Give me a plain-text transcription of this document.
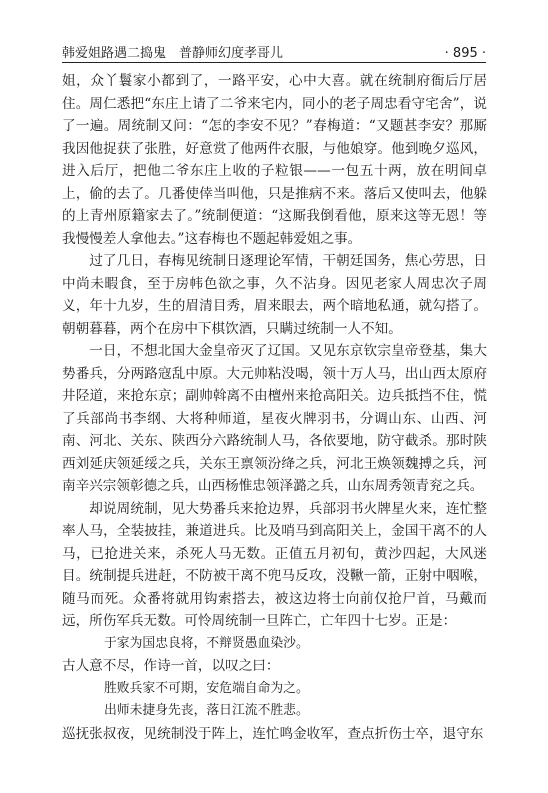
韩爱姐路遇二捣鬼　普静师幻度孝哥儿	· 895 ·

姐，众丫鬟家小都到了，一路平安，心中大喜。就在统制府衙后厅居住。周仁悉把“东庄上请了二爷来宅内，同小的老子周忠看守宅舍”，说了一遍。周统制又问：“怎的李安不见？”春梅道：“又题甚李安？那厮我因他捉获了张胜，好意赏了他两件衣服，与他娘穿。他到晚夕巡风，进入后厅，把他二爷东庄上收的子粒银——一包五十两，放在明间卓上，偷的去了。几番使倖当叫他，只是推病不来。落后又使叫去，他躲的上青州原籍家去了。”统制便道：“这厮我倒看他，原来这等无恩！等我慢慢差人拿他去。”这春梅也不题起韩爱姐之事。

过了几日，春梅见统制日逐理论军情，干朝廷国务，焦心劳思，日中尚未暇食，至于房帏色欲之事，久不沾身。因见老家人周忠次子周义，年十九岁，生的眉清目秀，眉来眼去，两个暗地私通，就勾搭了。朝朝暮暮，两个在房中下棋饮酒，只瞒过统制一人不知。

一日，不想北国大金皇帝灭了辽国。又见东京钦宗皇帝登基，集大势番兵，分两路寇乱中原。大元帅粘没喝，领十万人马，出山西太原府井陉道，来抢东京；副帅斡离不由檀州来抢高阳关。边兵抵挡不住，慌了兵部尚书李纲、大将种师道，星夜火牌羽书，分调山东、山西、河南、河北、关东、陕西分六路统制人马，各依要地，防守截杀。那时陕西刘延庆领延绥之兵，关东王禀领汾绛之兵，河北王焕领魏搏之兵，河南辛兴宗领彰德之兵，山西杨惟忠领泽潞之兵，山东周秀领青兖之兵。

却说周统制，见大势番兵来抢边界，兵部羽书火牌星火来，连忙整率人马，全装披挂，兼道进兵。比及哨马到高阳关上，金国干离不的人马，已抢进关来，杀死人马无数。正值五月初旬，黄沙四起，大风迷目。统制提兵进赶，不防被干离不兜马反攻，没鞦一箭，正射中咽喉，随马而死。众番将就用钩索搭去，被这边将士向前仅抢尸首，马戴而远，所伤军兵无数。可怜周统制一旦阵亡，亡年四十七岁。正是：

于家为国忠良将，不辩贤愚血染沙。

古人意不尽，作诗一首，以叹之曰：

胜败兵家不可期，安危端自命为之。

出师未捷身先丧，落日江流不胜悲。

巡抚张叔夜，见统制没于阵上，连忙鸣金收军，查点折伤士卒，退守东
